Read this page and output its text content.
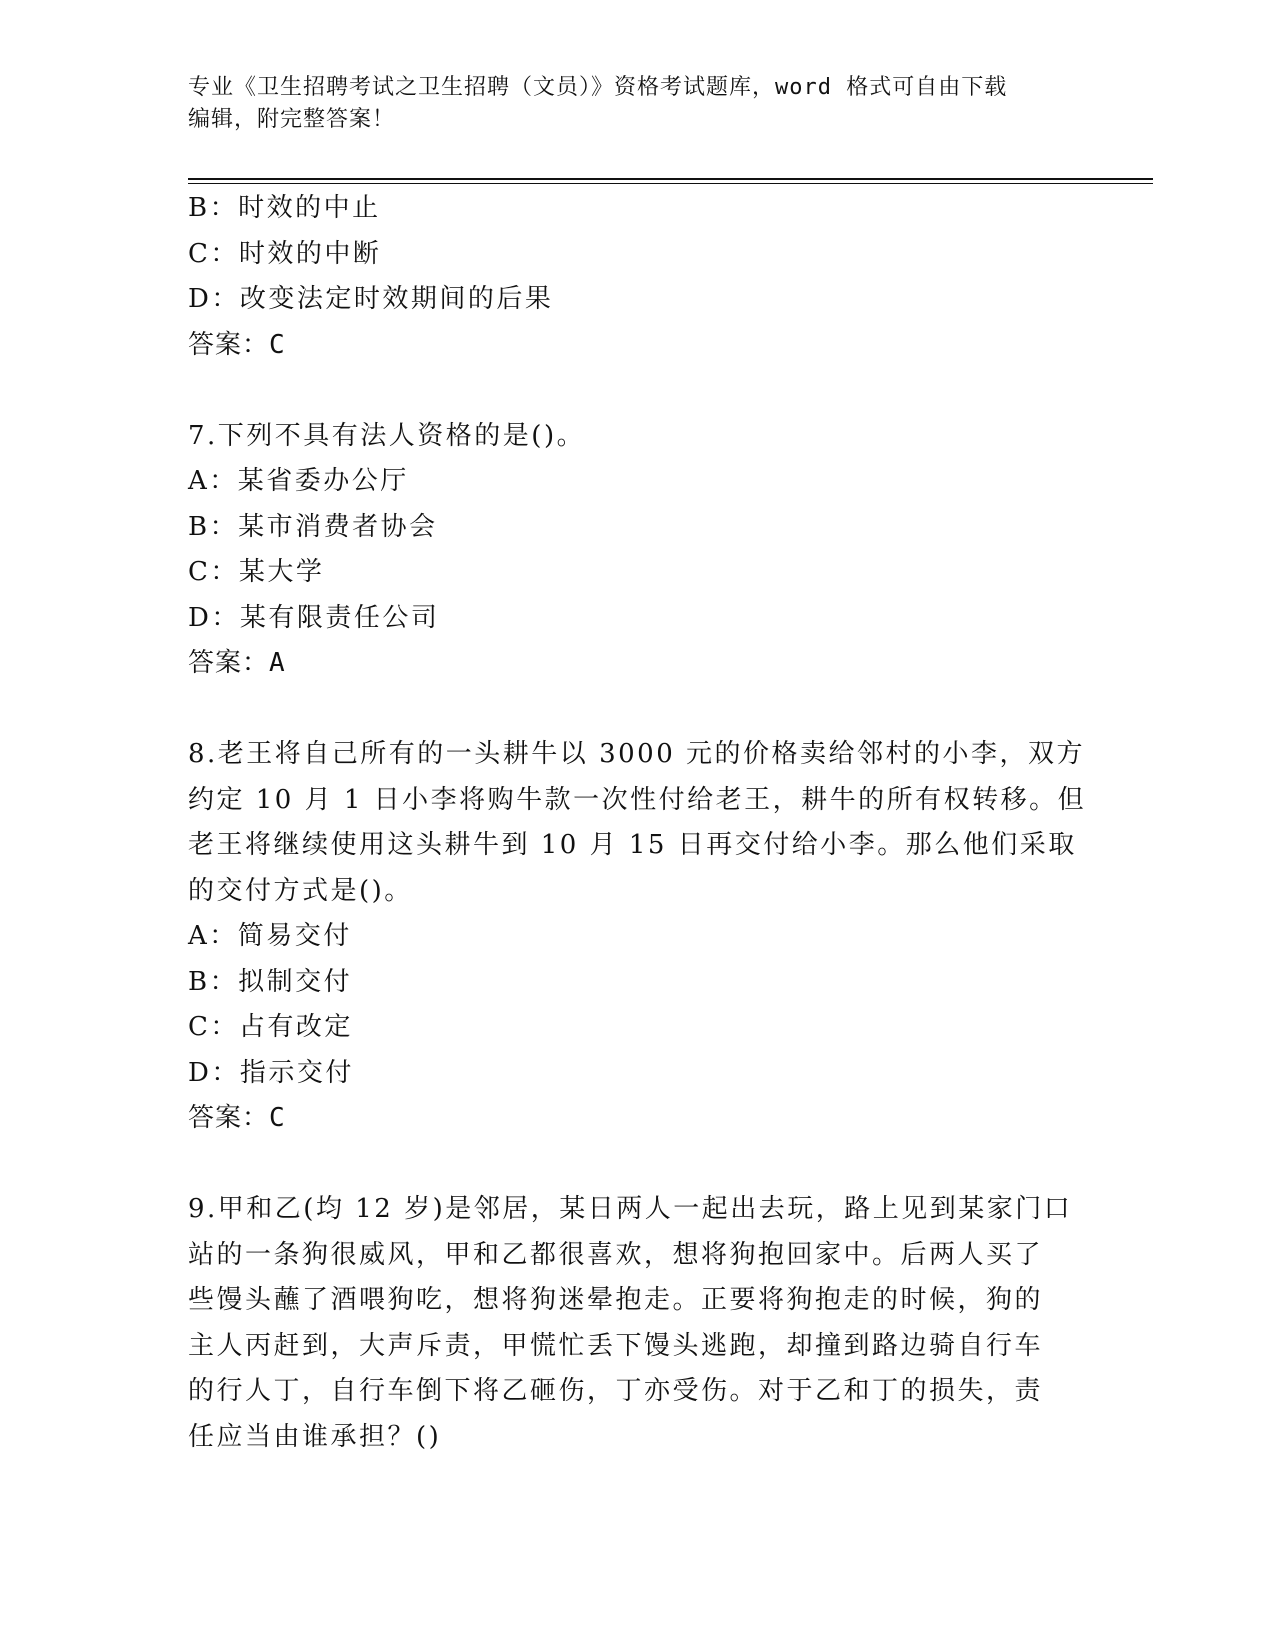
专业《卫生招聘考试之卫生招聘（文员）》资格考试题库，word 格式可自由下载
编辑，附完整答案！
B：时效的中止
C：时效的中断
D：改变法定时效期间的后果
答案：C
7.下列不具有法人资格的是()。
A：某省委办公厅
B：某市消费者协会
C：某大学
D：某有限责任公司
答案：A
8.老王将自己所有的一头耕牛以 3000 元的价格卖给邻村的小李，双方
约定 10 月 1 日小李将购牛款一次性付给老王，耕牛的所有权转移。但
老王将继续使用这头耕牛到 10 月 15 日再交付给小李。那么他们采取
的交付方式是()。
A：简易交付
B：拟制交付
C：占有改定
D：指示交付
答案：C
9.甲和乙(均 12 岁)是邻居，某日两人一起出去玩，路上见到某家门口
站的一条狗很威风，甲和乙都很喜欢，想将狗抱回家中。后两人买了
些馒头蘸了酒喂狗吃，想将狗迷晕抱走。正要将狗抱走的时候，狗的
主人丙赶到，大声斥责，甲慌忙丢下馒头逃跑，却撞到路边骑自行车
的行人丁，自行车倒下将乙砸伤，丁亦受伤。对于乙和丁的损失，责
任应当由谁承担？()
